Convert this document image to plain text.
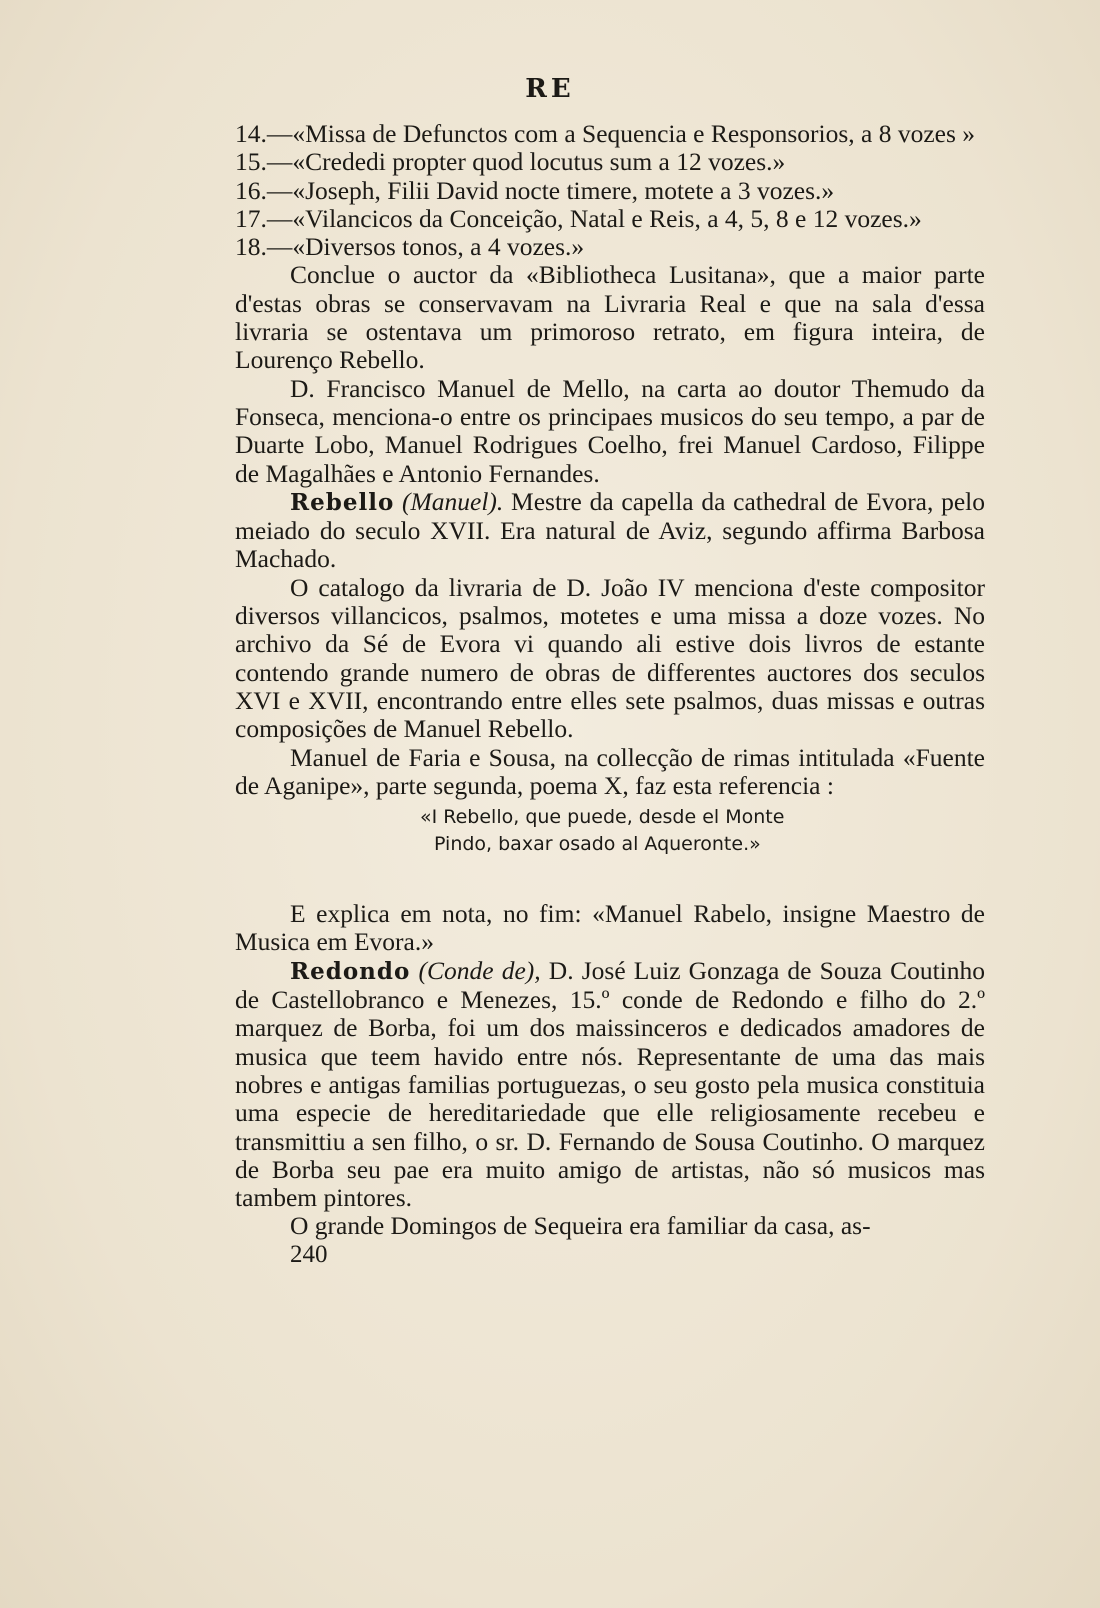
RE
14.—«Missa de Defunctos com a Sequencia e Responsorios, a 8 vozes »
15.—«Crededi propter quod locutus sum a 12 vozes.»
16.—«Joseph, Filii David nocte timere, motete a 3 vozes.»
17.—«Vilancicos da Conceição, Natal e Reis, a 4, 5, 8 e 12 vozes.»
18.—«Diversos tonos, a 4 vozes.»

Conclue o auctor da «Bibliotheca Lusitana», que a maior parte d'estas obras se conservavam na Livraria Real e que na sala d'essa livraria se ostentava um primoroso retrato, em figura inteira, de Lourenço Rebello.

D. Francisco Manuel de Mello, na carta ao doutor Themudo da Fonseca, menciona-o entre os principaes musicos do seu tempo, a par de Duarte Lobo, Manuel Rodrigues Coelho, frei Manuel Cardoso, Filippe de Magalhães e Antonio Fernandes.

Rebello (Manuel). Mestre da capella da cathedral de Evora, pelo meiado do seculo XVII. Era natural de Aviz, segundo affirma Barbosa Machado.

O catalogo da livraria de D. João IV menciona d'este compositor diversos villancicos, psalmos, motetes e uma missa a doze vozes. No archivo da Sé de Evora vi quando ali estive dois livros de estante contendo grande numero de obras de differentes auctores dos seculos XVI e XVII, encontrando entre elles sete psalmos, duas missas e outras composições de Manuel Rebello.

Manuel de Faria e Sousa, na collecção de rimas intitulada «Fuente de Aganipe», parte segunda, poema X, faz esta referencia :

«I Rebello, que puede, desde el Monte
Pindo, baxar osado al Aqueronte.»

E explica em nota, no fim: «Manuel Rabelo, insigne Maestro de Musica em Evora.»

Redondo (Conde de), D. José Luiz Gonzaga de Souza Coutinho de Castellobranco e Menezes, 15.º conde de Redondo e filho do 2.º marquez de Borba, foi um dos maissinceros e dedicados amadores de musica que teem havido entre nós. Representante de uma das mais nobres e antigas familias portuguezas, o seu gosto pela musica constituia uma especie de hereditariedade que elle religiosamente recebeu e transmittiu a sen filho, o sr. D. Fernando de Sousa Coutinho. O marquez de Borba seu pae era muito amigo de artistas, não só musicos mas tambem pintores.

O grande Domingos de Sequeira era familiar da casa, as-

240
